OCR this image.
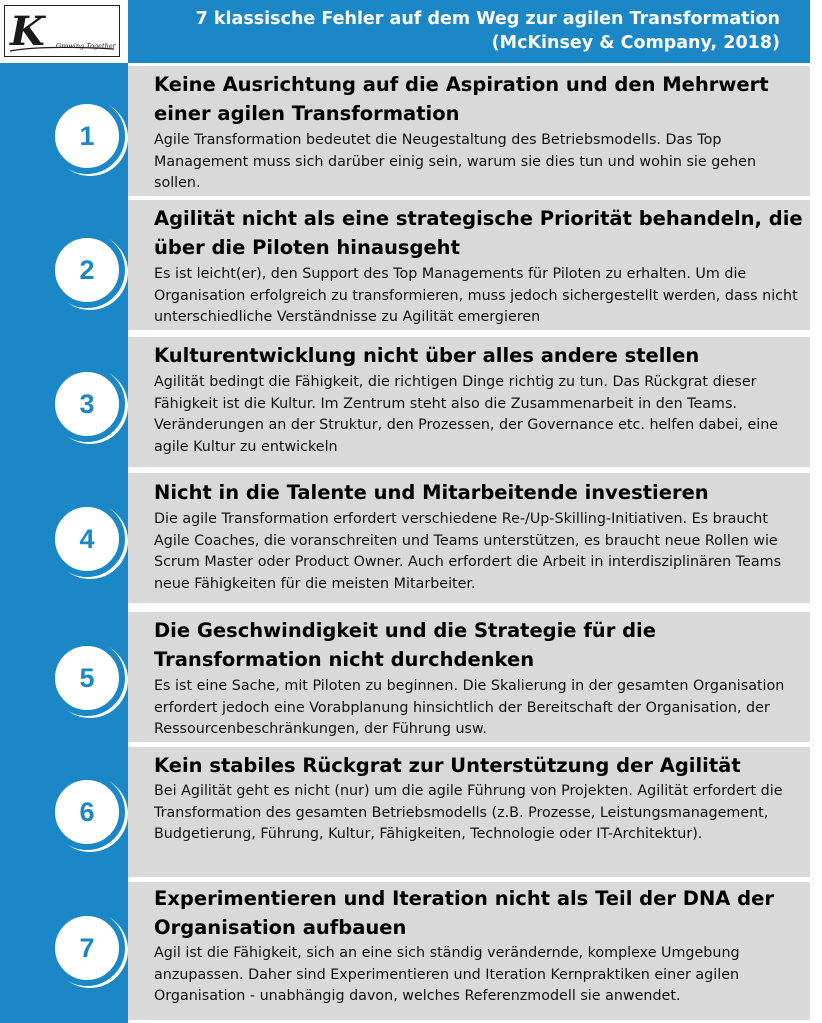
K	Growing Together
7 klassische Fehler auf dem Weg zur agilen Transformation
(McKinsey & Company, 2018)
Keine Ausrichtung auf die Aspiration und den Mehrwert einer agilen Transformation
Agile Transformation bedeutet die Neugestaltung des Betriebsmodells. Das Top Management muss sich darüber einig sein, warum sie dies tun und wohin sie gehen sollen.
1
Agilität nicht als eine strategische Priorität behandeln, die über die Piloten hinausgeht
Es ist leicht(er), den Support des Top Managements für Piloten zu erhalten. Um die Organisation erfolgreich zu transformieren, muss jedoch sichergestellt werden, dass nicht unterschiedliche Verständnisse zu Agilität emergieren
2
Kulturentwicklung nicht über alles andere stellen
Agilität bedingt die Fähigkeit, die richtigen Dinge richtig zu tun. Das Rückgrat dieser Fähigkeit ist die Kultur. Im Zentrum steht also die Zusammenarbeit in den Teams. Veränderungen an der Struktur, den Prozessen, der Governance etc. helfen dabei, eine agile Kultur zu entwickeln
3
Nicht in die Talente und Mitarbeitende investieren
Die agile Transformation erfordert verschiedene Re-/Up-Skilling-Initiativen. Es braucht Agile Coaches, die voranschreiten und Teams unterstützen, es braucht neue Rollen wie Scrum Master oder Product Owner. Auch erfordert die Arbeit in interdisziplinären Teams neue Fähigkeiten für die meisten Mitarbeiter.
4
Die Geschwindigkeit und die Strategie für die Transformation nicht durchdenken
Es ist eine Sache, mit Piloten zu beginnen. Die Skalierung in der gesamten Organisation erfordert jedoch eine Vorabplanung hinsichtlich der Bereitschaft der Organisation, der Ressourcenbeschränkungen, der Führung usw.
5
Kein stabiles Rückgrat zur Unterstützung der Agilität
Bei Agilität geht es nicht (nur) um die agile Führung von Projekten. Agilität erfordert die Transformation des gesamten Betriebsmodells (z.B. Prozesse, Leistungsmanagement, Budgetierung, Führung, Kultur, Fähigkeiten, Technologie oder IT-Architektur).
6
Experimentieren und Iteration nicht als Teil der DNA der Organisation aufbauen
Agil ist die Fähigkeit, sich an eine sich ständig verändernde, komplexe Umgebung anzupassen. Daher sind Experimentieren und Iteration Kernpraktiken einer agilen Organisation - unabhängig davon, welches Referenzmodell sie anwendet.
7
